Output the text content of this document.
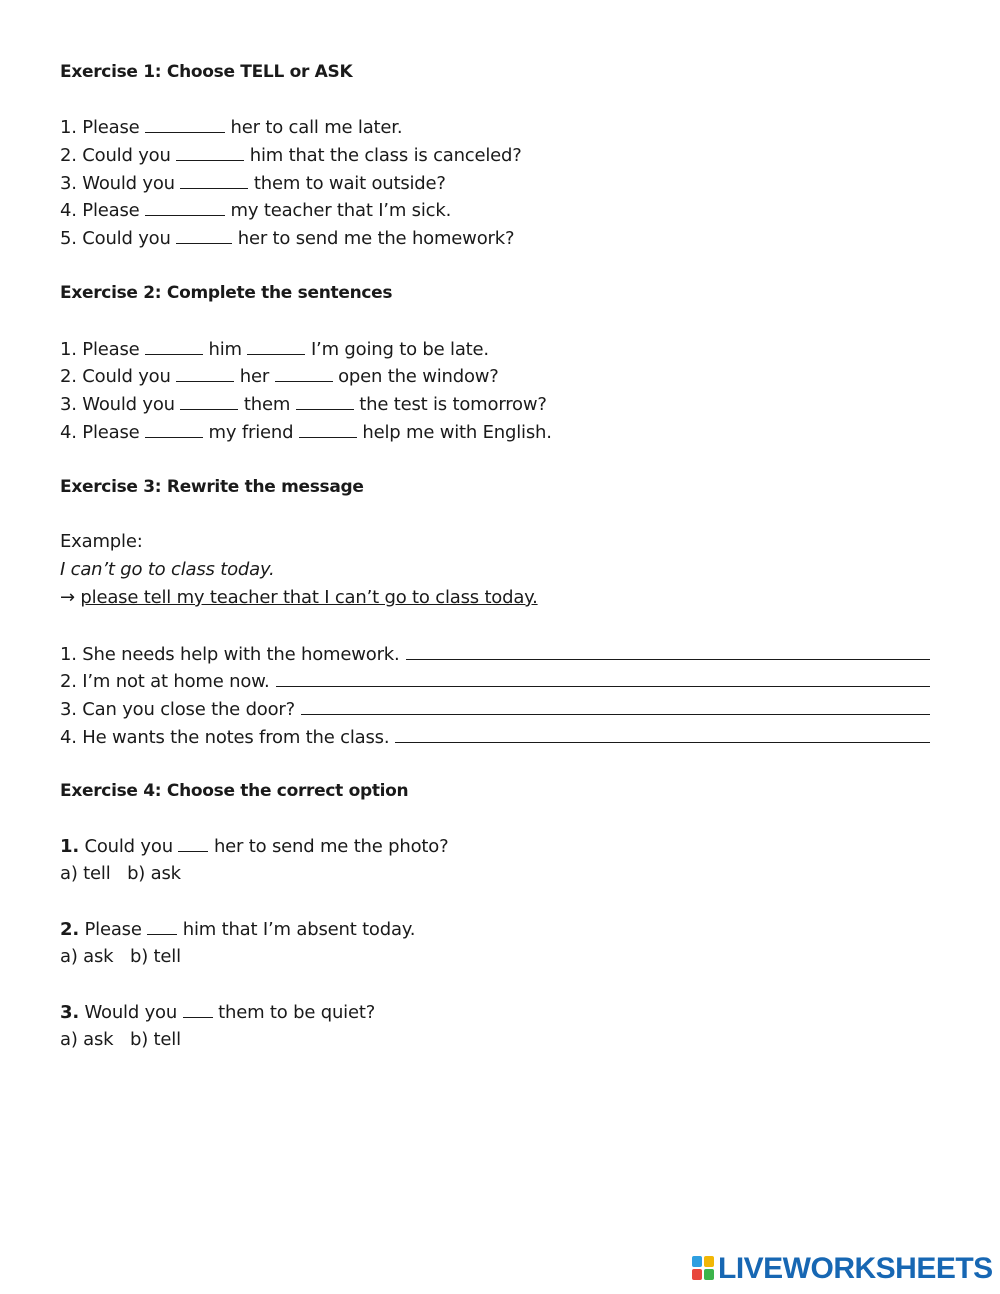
Exercise 1: Choose TELL or ASK
1. Please	her to call me later.
2. Could you	him that the class is canceled?
3. Would you	them to wait outside?
4. Please	my teacher that I’m sick.
5. Could you	her to send me the homework?
Exercise 2: Complete the sentences
1. Please	him	I’m going to be late.
2. Could you	her	open the window?
3. Would you	them	the test is tomorrow?
4. Please	my friend	help me with English.
Exercise 3: Rewrite the message
Example:
I can’t go to class today.
→ please tell my teacher that I can’t go to class today.
1. She needs help with the homework.
2. I’m not at home now.
3. Can you close the door?
4. He wants the notes from the class.
Exercise 4: Choose the correct option
1. Could you  her to send me the photo?
a) tell   b) ask
2. Please  him that I’m absent today.
a) ask   b) tell
3. Would you  them to be quiet?
a) ask   b) tell
LIVEWORKSHEETS
